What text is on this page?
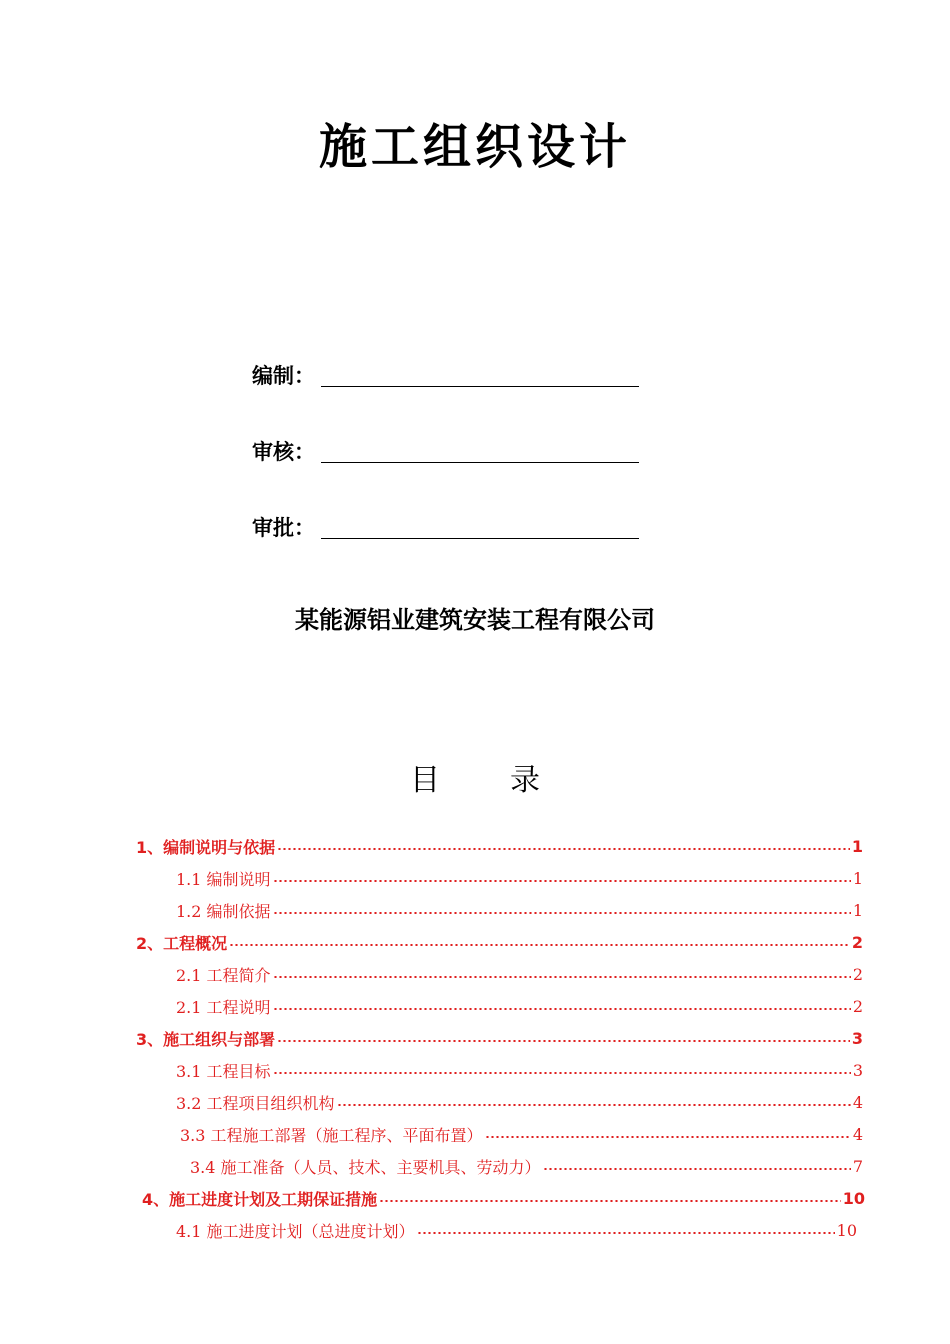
施工组织设计
编制：
审核：
审批：
某能源铝业建筑安装工程有限公司
目 录
1、编制说明与依据	1
1.1 编制说明	1
1.2 编制依据	1
2、工程概况	2
2.1 工程简介	2
2.1 工程说明	2
3、施工组织与部署	3
3.1 工程目标	3
3.2 工程项目组织机构	4
3.3 工程施工部署（施工程序、平面布置）	4
3.4 施工准备（人员、技术、主要机具、劳动力）	7
4、施工进度计划及工期保证措施	10
4.1 施工进度计划（总进度计划）	10
